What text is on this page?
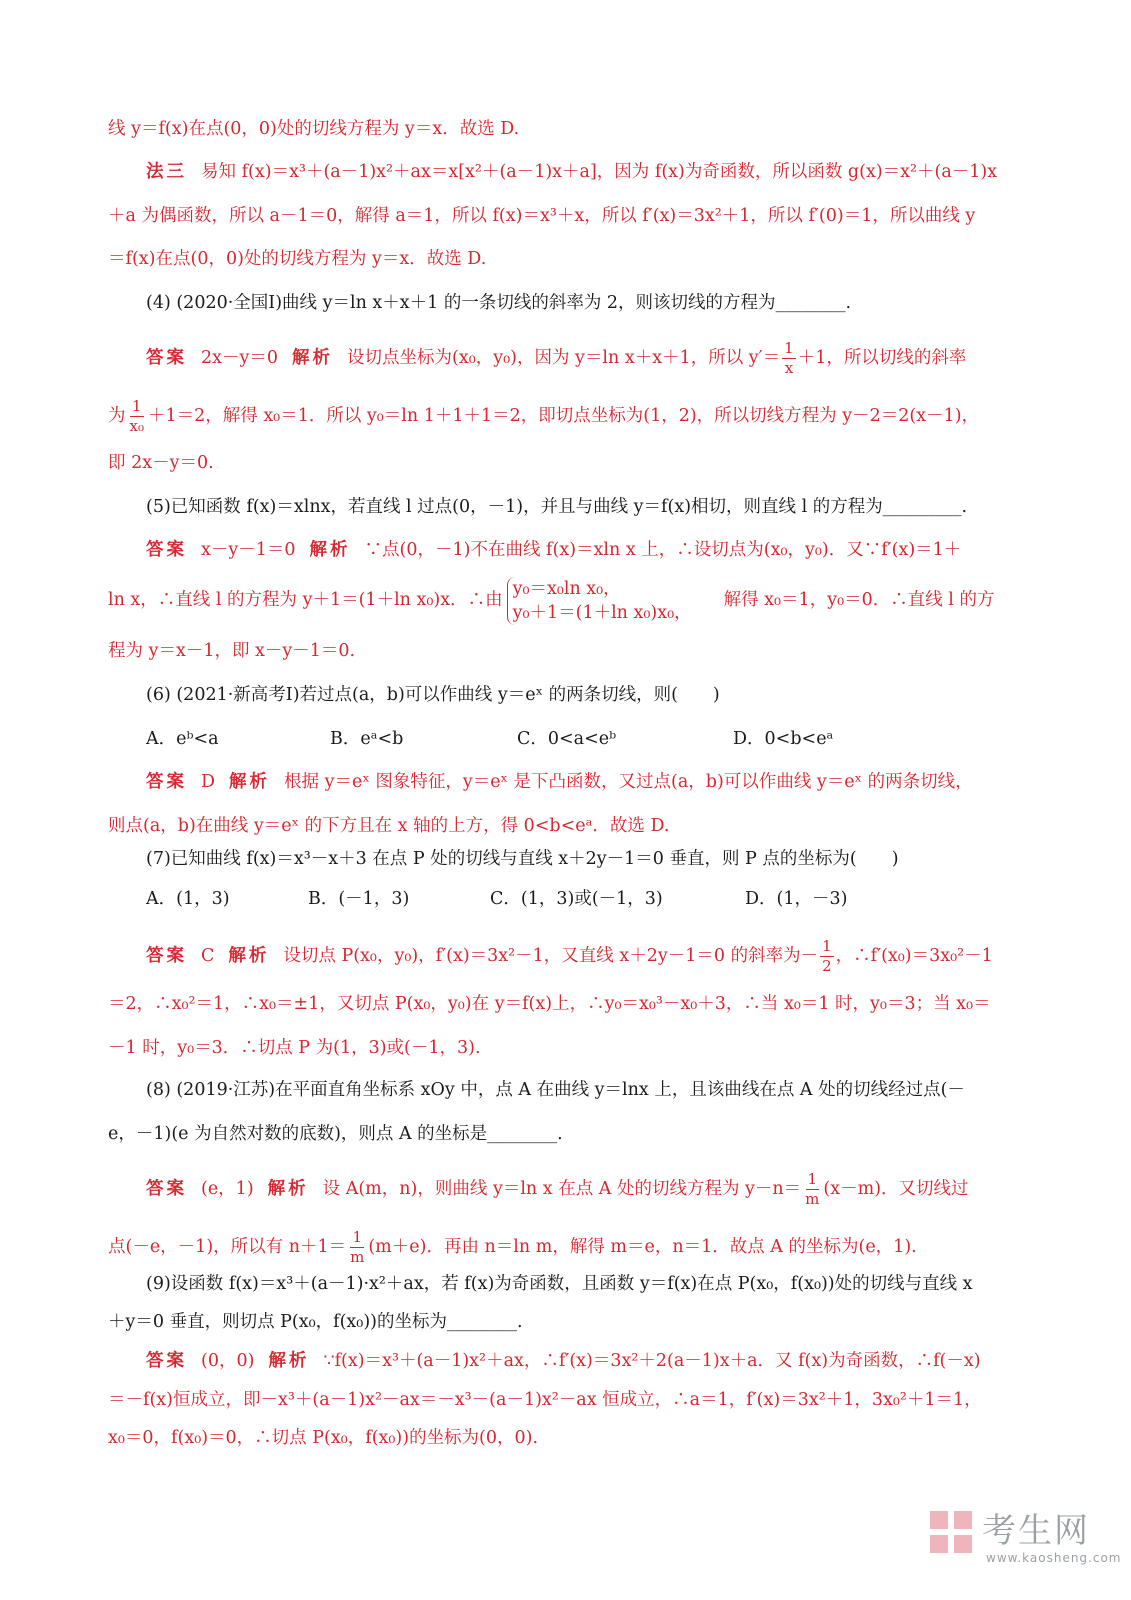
线 y＝f(x)在点(0，0)处的切线方程为 y＝x．故选 D.
法三 易知 f(x)＝x³＋(a－1)x²＋ax＝x[x²＋(a－1)x＋a]，因为 f(x)为奇函数，所以函数 g(x)＝x²＋(a－1)x
＋a 为偶函数，所以 a－1＝0，解得 a＝1，所以 f(x)＝x³＋x，所以 f′(x)＝3x²＋1，所以 f′(0)＝1，所以曲线 y
＝f(x)在点(0，0)处的切线方程为 y＝x．故选 D.
(4) (2020·全国Ⅰ)曲线 y＝ln x＋x＋1 的一条切线的斜率为 2，则该切线的方程为________.
答案 2x－y＝0 解析 设切点坐标为(x₀，y₀)，因为 y＝ln x＋x＋1，所以 $y'= \frac{1}{x} +1$，所以切线的斜率
为 $\frac{1}{\text{x₀}} +1=2$，解得 x₀＝1．所以 y₀＝ln 1＋1＋1＝2，即切点坐标为(1，2)，所以切线方程为 y－2＝2(x－1)，
即 2x－y＝0.
(5)已知函数 f(x)＝xlnx，若直线 l 过点(0，－1)，并且与曲线 y＝f(x)相切，则直线 l 的方程为_________.
答案 x－y－1＝0 解析 ∵点(0，－1)不在曲线 f(x)＝xln x 上，∴设切点为(x₀，y₀)．又∵f′(x)＝1＋
ln x，∴直线 l 的方程为 y＋1＝(1＋ln x₀)x．∴由
y₀＝x₀ln x₀，
y₀＋1＝(1＋ln x₀)x₀，
解得 x₀＝1，y₀＝0．∴直线 l 的方
程为 y＝x－1，即 x－y－1＝0.
(6) (2021·新高考Ⅰ)若过点(a，b)可以作曲线 y＝eˣ 的两条切线，则(　　)
A．eᵇ<a	B．eᵃ<b	C．0<a<eᵇ	D．0<b<eᵃ
答案 D 解析 根据 y＝eˣ 图象特征，y＝eˣ 是下凸函数，又过点(a，b)可以作曲线 y＝eˣ 的两条切线，
则点(a，b)在曲线 y＝eˣ 的下方且在 x 轴的上方，得 0<b<eᵃ．故选 D.
(7)已知曲线 f(x)＝x³－x＋3 在点 P 处的切线与直线 x＋2y－1＝0 垂直，则 P 点的坐标为(　　)
A．(1，3)	B．(－1，3)	C．(1，3)或(－1，3)	D．(1，－3)
答案 C 解析 设切点 P(x₀，y₀)，f′(x)＝3x²－1，又直线 x＋2y－1＝0 的斜率为－ $\frac{1}{2}$ ，∴f′(x₀)＝3x₀²－1
＝2，∴x₀²＝1，∴x₀＝±1，又切点 P(x₀，y₀)在 y＝f(x)上，∴y₀＝x₀³－x₀＋3，∴当 x₀＝1 时，y₀＝3；当 x₀＝
－1 时，y₀＝3．∴切点 P 为(1，3)或(－1，3).
(8) (2019·江苏)在平面直角坐标系 xOy 中，点 A 在曲线 y＝lnx 上，且该曲线在点 A 处的切线经过点(－
e，－1)(e 为自然对数的底数)，则点 A 的坐标是________.
答案 (e，1) 解析 设 A(m，n)，则曲线 y＝ln x 在点 A 处的切线方程为 $y-n= \frac{1}{m} (x-m)$．又切线过
点(－e，－1)，所以有 $n+1= \frac{1}{m} (m+e)$．再由 n＝ln m，解得 m＝e，n＝1．故点 A 的坐标为(e，1).
(9)设函数 f(x)＝x³＋(a－1)·x²＋ax，若 f(x)为奇函数，且函数 y＝f(x)在点 P(x₀，f(x₀))处的切线与直线 x
＋y＝0 垂直，则切点 P(x₀，f(x₀))的坐标为________.
答案 (0，0) 解析 ∵f(x)＝x³＋(a－1)x²＋ax，∴f′(x)＝3x²＋2(a－1)x＋a．又 f(x)为奇函数，∴f(－x)
＝－f(x)恒成立，即－x³＋(a－1)x²－ax＝－x³－(a－1)x²－ax 恒成立，∴a＝1，f′(x)＝3x²＋1，3x₀²＋1＝1，
x₀＝0，f(x₀)＝0，∴切点 P(x₀，f(x₀))的坐标为(0，0).
考生网
www.kaosheng.com
